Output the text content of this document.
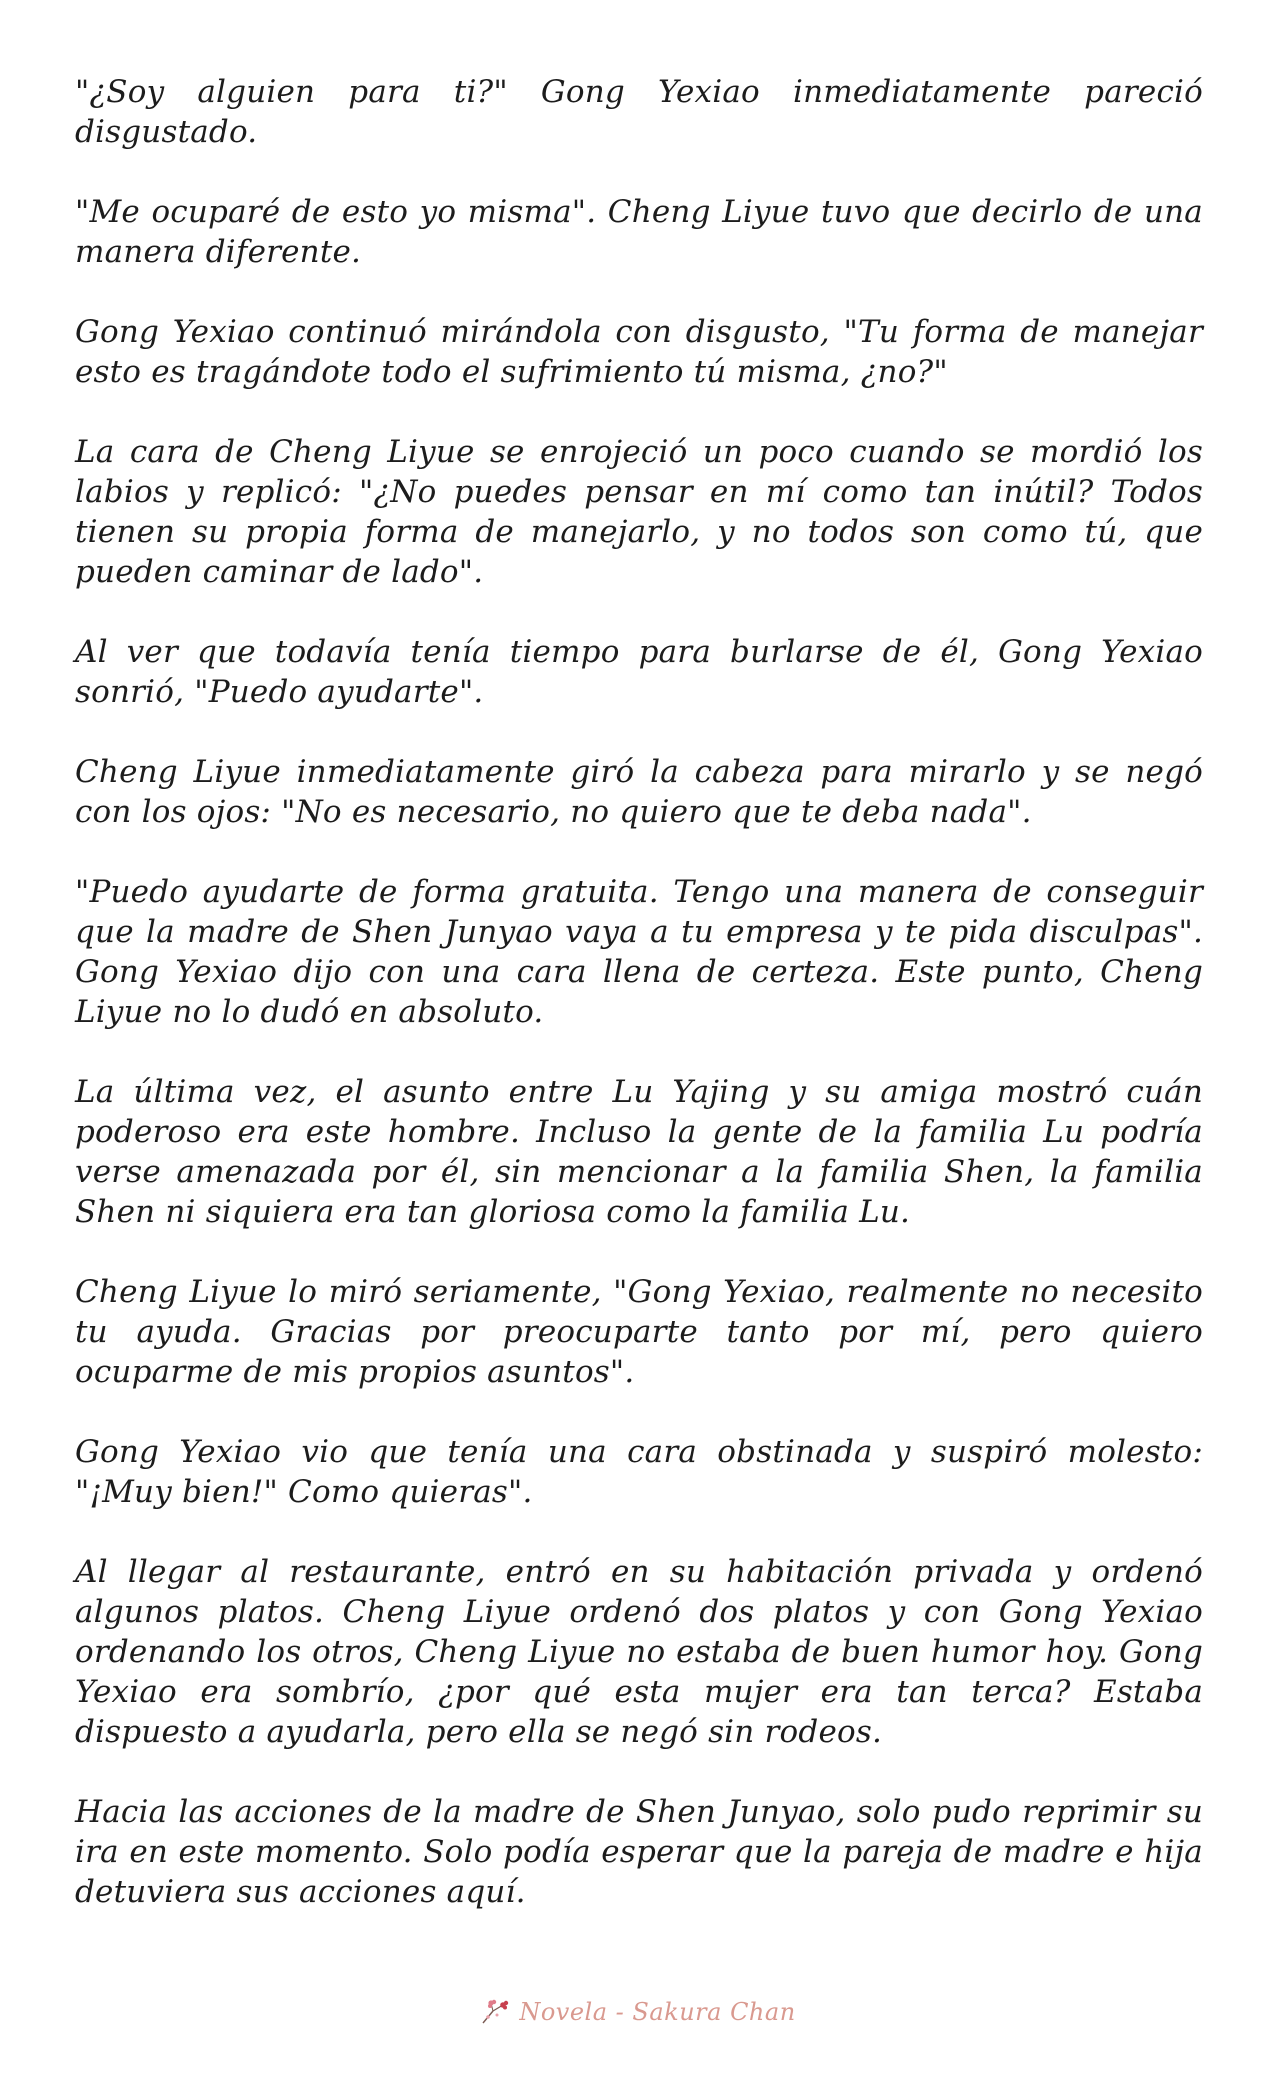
"¿Soy alguien para ti?" Gong Yexiao inmediatamente pareció disgustado.

"Me ocuparé de esto yo misma". Cheng Liyue tuvo que decirlo de una manera diferente.

Gong Yexiao continuó mirándola con disgusto, "Tu forma de manejar esto es tragándote todo el sufrimiento tú misma, ¿no?"

La cara de Cheng Liyue se enrojeció un poco cuando se mordió los labios y replicó: "¿No puedes pensar en mí como tan inútil? Todos tienen su propia forma de manejarlo, y no todos son como tú, que pueden caminar de lado".

Al ver que todavía tenía tiempo para burlarse de él, Gong Yexiao sonrió, "Puedo ayudarte".

Cheng Liyue inmediatamente giró la cabeza para mirarlo y se negó con los ojos: "No es necesario, no quiero que te deba nada".

"Puedo ayudarte de forma gratuita. Tengo una manera de conseguir que la madre de Shen Junyao vaya a tu empresa y te pida disculpas". Gong Yexiao dijo con una cara llena de certeza. Este punto, Cheng Liyue no lo dudó en absoluto.

La última vez, el asunto entre Lu Yajing y su amiga mostró cuán poderoso era este hombre. Incluso la gente de la familia Lu podría verse amenazada por él, sin mencionar a la familia Shen, la familia Shen ni siquiera era tan gloriosa como la familia Lu.

Cheng Liyue lo miró seriamente, "Gong Yexiao, realmente no necesito tu ayuda. Gracias por preocuparte tanto por mí, pero quiero ocuparme de mis propios asuntos".

Gong Yexiao vio que tenía una cara obstinada y suspiró molesto: "¡Muy bien!" Como quieras".

Al llegar al restaurante, entró en su habitación privada y ordenó algunos platos. Cheng Liyue ordenó dos platos y con Gong Yexiao ordenando los otros, Cheng Liyue no estaba de buen humor hoy. Gong Yexiao era sombrío, ¿por qué esta mujer era tan terca? Estaba dispuesto a ayudarla, pero ella se negó sin rodeos.

Hacia las acciones de la madre de Shen Junyao, solo pudo reprimir su ira en este momento. Solo podía esperar que la pareja de madre e hija detuviera sus acciones aquí.

Novela - Sakura Chan
